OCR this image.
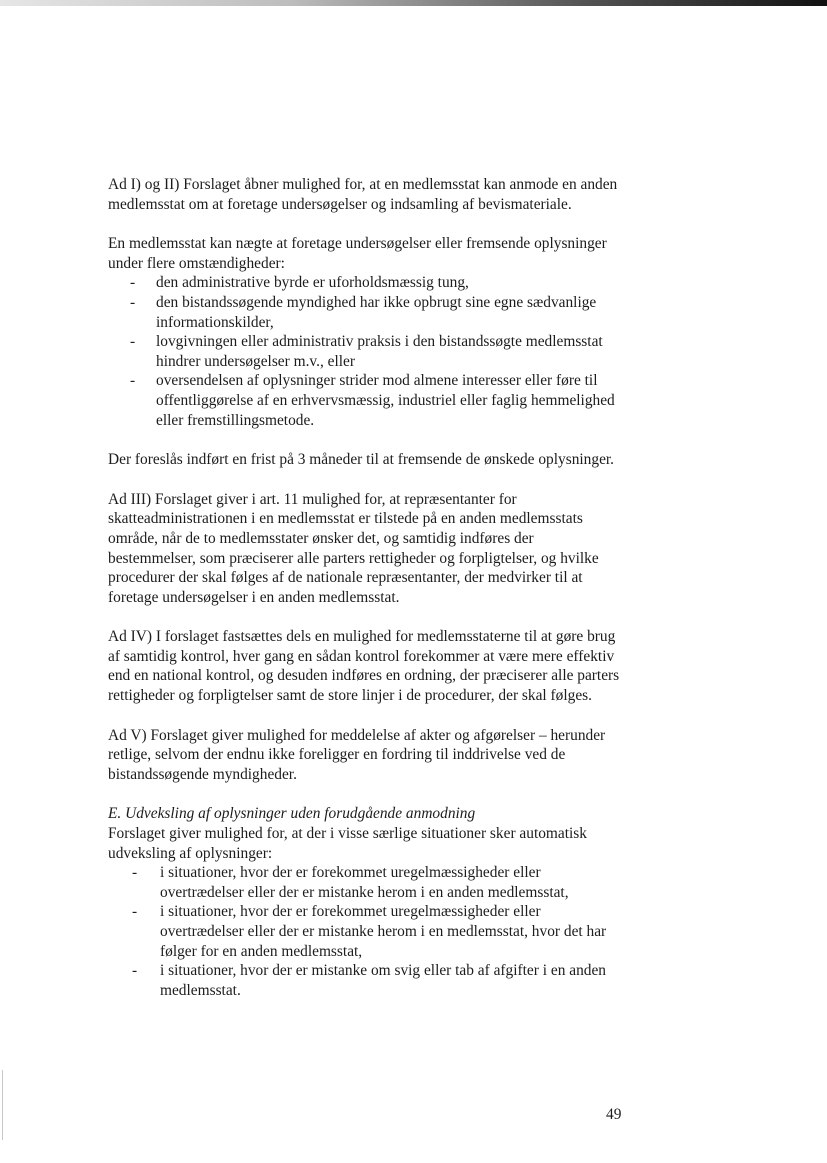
Ad I) og II) Forslaget åbner mulighed for, at en medlemsstat kan anmode en anden medlemsstat om at foretage undersøgelser og indsamling af bevismateriale.

En medlemsstat kan nægte at foretage undersøgelser eller fremsende oplysninger under flere omstændigheder:

- den administrative byrde er uforholdsmæssig tung,
- den bistandssøgende myndighed har ikke opbrugt sine egne sædvanlige informationskilder,
- lovgivningen eller administrativ praksis i den bistandssøgte medlemsstat hindrer undersøgelser m.v., eller
- oversendelsen af oplysninger strider mod almene interesser eller føre til offentliggørelse af en erhvervsmæssig, industriel eller faglig hemmelighed eller fremstillingsmetode.

Der foreslås indført en frist på 3 måneder til at fremsende de ønskede oplysninger.

Ad III) Forslaget giver i art. 11 mulighed for, at repræsentanter for skatteadministrationen i en medlemsstat er tilstede på en anden medlemsstats område, når de to medlemsstater ønsker det, og samtidig indføres der bestemmelser, som præciserer alle parters rettigheder og forpligtelser, og hvilke procedurer der skal følges af de nationale repræsentanter, der medvirker til at foretage undersøgelser i en anden medlemsstat.

Ad IV) I forslaget fastsættes dels en mulighed for medlemsstaterne til at gøre brug af samtidig kontrol, hver gang en sådan kontrol forekommer at være mere effektiv end en national kontrol, og desuden indføres en ordning, der præciserer alle parters rettigheder og forpligtelser samt de store linjer i de procedurer, der skal følges.

Ad V) Forslaget giver mulighed for meddelelse af akter og afgørelser – herunder retlige, selvom der endnu ikke foreligger en fordring til inddrivelse ved de bistandssøgende myndigheder.

E. Udveksling af oplysninger uden forudgående anmodning

Forslaget giver mulighed for, at der i visse særlige situationer sker automatisk udveksling af oplysninger:

- i situationer, hvor der er forekommet uregelmæssigheder eller overtrædelser eller der er mistanke herom i en anden medlemsstat,
- i situationer, hvor der er forekommet uregelmæssigheder eller overtrædelser eller der er mistanke herom i en medlemsstat, hvor det har følger for en anden medlemsstat,
- i situationer, hvor der er mistanke om svig eller tab af afgifter i en anden medlemsstat.
49
